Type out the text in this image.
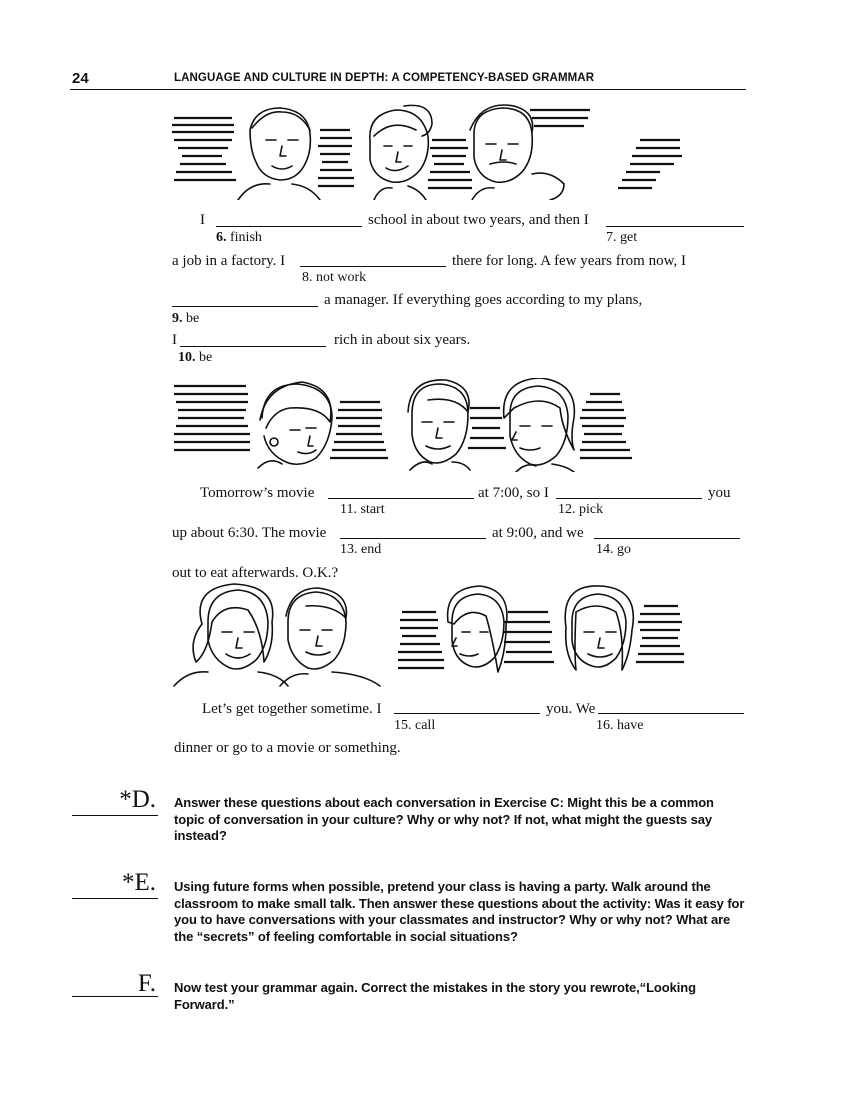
24	LANGUAGE AND CULTURE IN DEPTH: A COMPETENCY-BASED GRAMMAR
I	school in about two years, and then I
6. finish	7. get
a job in a factory. I	there for long. A few years from now, I
8. not work
a manager. If everything goes according to my plans,
9. be
I	rich in about six years.
10. be
Tomorrow’s movie	at 7:00, so I	you
11. start	12. pick
up about 6:30. The movie	at 9:00, and we
13. end	14. go
out to eat afterwards. O.K.?
Let’s get together sometime. I	you. We
15. call	16. have
dinner or go to a movie or something.
*D. Answer these questions about each conversation in Exercise C: Might this be a common topic of conversation in your culture? Why or why not? If not, what might the guests say instead?
*E. Using future forms when possible, pretend your class is having a party. Walk around the classroom to make small talk. Then answer these questions about the activity: Was it easy for you to have conversations with your classmates and instructor? Why or why not? What are the “secrets” of feeling comfortable in social situations?
F. Now test your grammar again. Correct the mistakes in the story you rewrote,“Looking Forward.”
